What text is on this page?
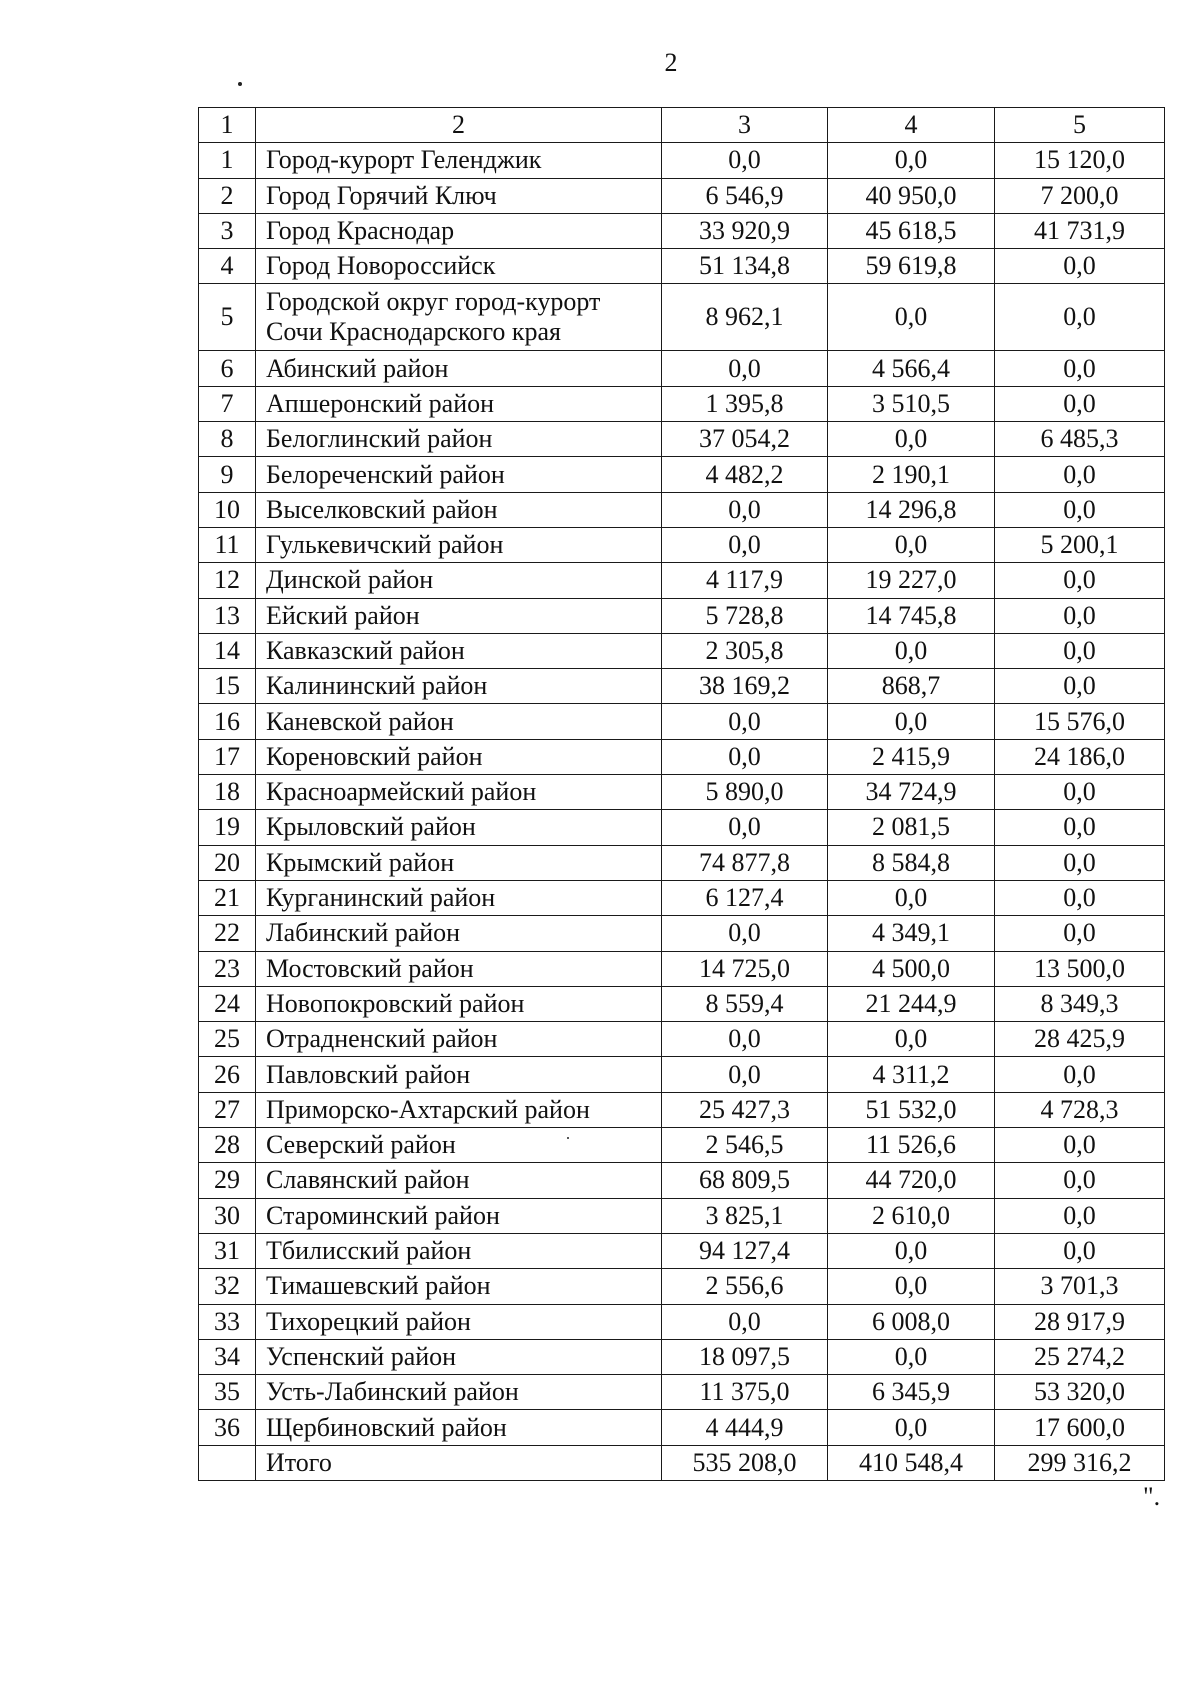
2
1	2	3	4	5
1	Город-курорт Геленджик	0,0	0,0	15 120,0
2	Город Горячий Ключ	6 546,9	40 950,0	7 200,0
3	Город Краснодар	33 920,9	45 618,5	41 731,9
4	Город Новороссийск	51 134,8	59 619,8	0,0
5	Городской округ город-курорт Сочи Краснодарского края	8 962,1	0,0	0,0
6	Абинский район	0,0	4 566,4	0,0
7	Апшеронский район	1 395,8	3 510,5	0,0
8	Белоглинский район	37 054,2	0,0	6 485,3
9	Белореченский район	4 482,2	2 190,1	0,0
10	Выселковский район	0,0	14 296,8	0,0
11	Гулькевичский район	0,0	0,0	5 200,1
12	Динской район	4 117,9	19 227,0	0,0
13	Ейский район	5 728,8	14 745,8	0,0
14	Кавказский район	2 305,8	0,0	0,0
15	Калининский район	38 169,2	868,7	0,0
16	Каневской район	0,0	0,0	15 576,0
17	Кореновский район	0,0	2 415,9	24 186,0
18	Красноармейский район	5 890,0	34 724,9	0,0
19	Крыловский район	0,0	2 081,5	0,0
20	Крымский район	74 877,8	8 584,8	0,0
21	Курганинский район	6 127,4	0,0	0,0
22	Лабинский район	0,0	4 349,1	0,0
23	Мостовский район	14 725,0	4 500,0	13 500,0
24	Новопокровский район	8 559,4	21 244,9	8 349,3
25	Отрадненский район	0,0	0,0	28 425,9
26	Павловский район	0,0	4 311,2	0,0
27	Приморско-Ахтарский район	25 427,3	51 532,0	4 728,3
28	Северский район	2 546,5	11 526,6	0,0
29	Славянский район	68 809,5	44 720,0	0,0
30	Староминский район	3 825,1	2 610,0	0,0
31	Тбилисский район	94 127,4	0,0	0,0
32	Тимашевский район	2 556,6	0,0	3 701,3
33	Тихорецкий район	0,0	6 008,0	28 917,9
34	Успенский район	18 097,5	0,0	25 274,2
35	Усть-Лабинский район	11 375,0	6 345,9	53 320,0
36	Щербиновский район	4 444,9	0,0	17 600,0
	Итого	535 208,0	410 548,4	299 316,2
".
